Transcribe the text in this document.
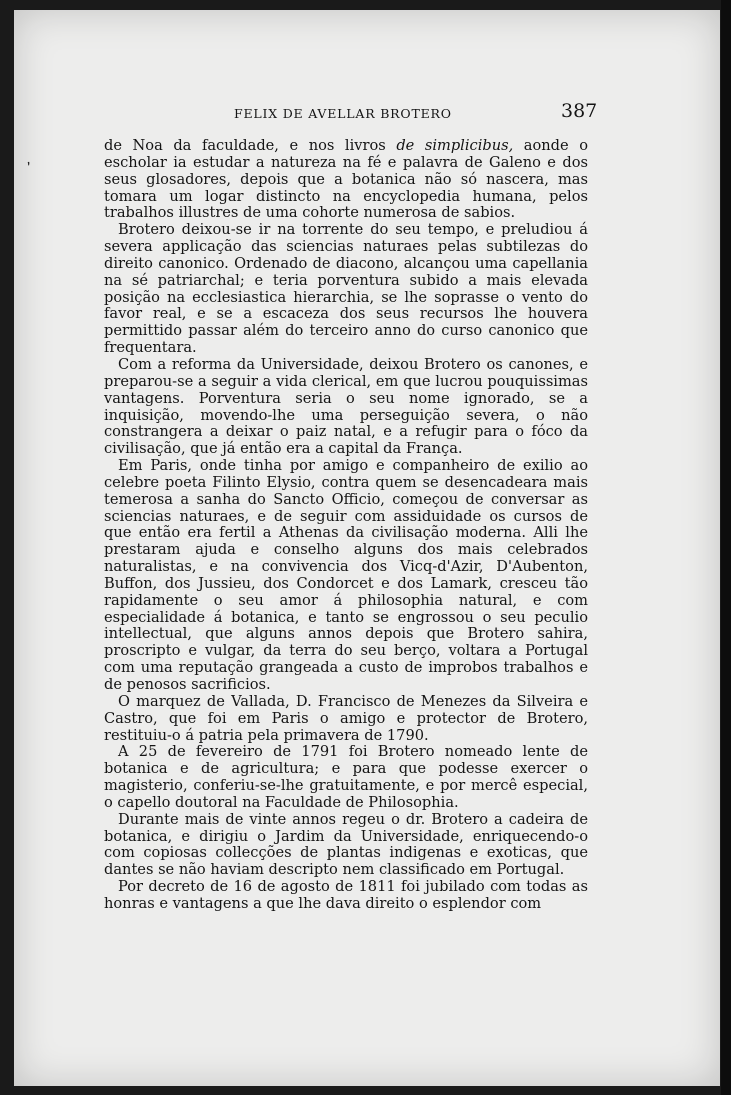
FELIX DE AVELLAR BROTERO	387

de Noa da faculdade, e nos livros de simplicibus, aonde o escholar ia estudar a natureza na fé e palavra de Galeno e dos seus glosadores, depois que a botanica não só nascera, mas tomara um logar distincto na encyclopedia humana, pelos trabalhos illustres de uma cohorte numerosa de sabios.

Brotero deixou-se ir na torrente do seu tempo, e preludiou á severa applicação das sciencias naturaes pelas subtilezas do direito canonico. Ordenado de diacono, alcançou uma capellania na sé patriarchal; e teria porventura subido a mais elevada posição na ecclesiastica hierarchia, se lhe soprasse o vento do favor real, e se a escaceza dos seus recursos lhe houvera permittido passar além do terceiro anno do curso canonico que frequentara.

Com a reforma da Universidade, deixou Brotero os canones, e preparou-se a seguir a vida clerical, em que lucrou pouquissimas vantagens. Porventura seria o seu nome ignorado, se a inquisição, movendo-lhe uma perseguição severa, o não constrangera a deixar o paiz natal, e a refugir para o fóco da civilisação, que já então era a capital da França.

Em Paris, onde tinha por amigo e companheiro de exilio ao celebre poeta Filinto Elysio, contra quem se desencadeara mais temerosa a sanha do Sancto Officio, começou de conversar as sciencias naturaes, e de seguir com assiduidade os cursos de que então era fertil a Athenas da civilisação moderna. Alli lhe prestaram ajuda e conselho alguns dos mais celebrados naturalistas, e na convivencia dos Vicq-d'Azir, D'Aubenton, Buffon, dos Jussieu, dos Condorcet e dos Lamark, cresceu tão rapidamente o seu amor á philosophia natural, e com especialidade á botanica, e tanto se engrossou o seu peculio intellectual, que alguns annos depois que Brotero sahira, proscripto e vulgar, da terra do seu berço, voltara a Portugal com uma reputação grangeada a custo de improbos trabalhos e de penosos sacrificios.

O marquez de Vallada, D. Francisco de Menezes da Silveira e Castro, que foi em Paris o amigo e protector de Brotero, restituiu-o á patria pela primavera de 1790.

A 25 de fevereiro de 1791 foi Brotero nomeado lente de botanica e de agricultura; e para que podesse exercer o magisterio, conferiu-se-lhe gratuitamente, e por mercê especial, o capello doutoral na Faculdade de Philosophia.

Durante mais de vinte annos regeu o dr. Brotero a cadeira de botanica, e dirigiu o Jardim da Universidade, enriquecendo-o com copiosas collecções de plantas indigenas e exoticas, que dantes se não haviam descripto nem classificado em Portugal.

Por decreto de 16 de agosto de 1811 foi jubilado com todas as honras e vantagens a que lhe dava direito o esplendor com

’
